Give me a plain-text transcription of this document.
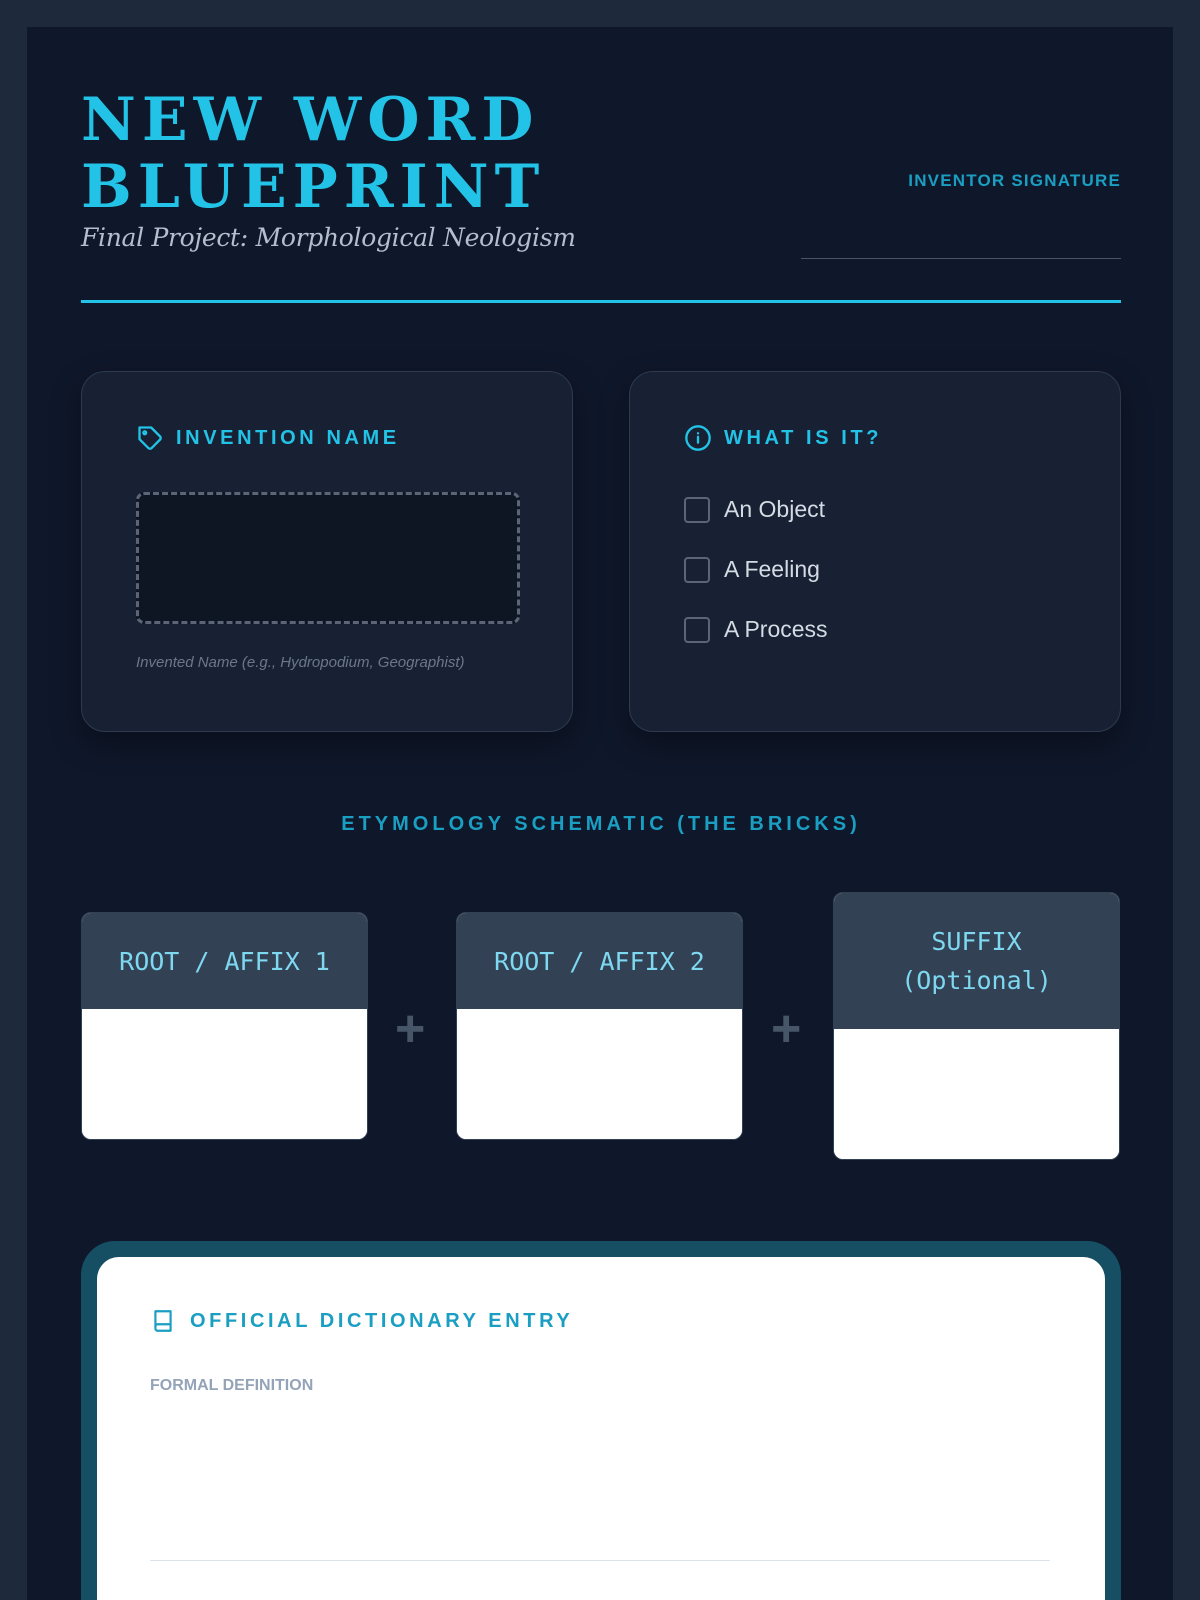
NEW WORD
BLUEPRINT
Final Project: Morphological Neologism
INVENTOR SIGNATURE
INVENTION NAME
Invented Name (e.g., Hydropodium, Geographist)
WHAT IS IT?
An Object
A Feeling
A Process
ETYMOLOGY SCHEMATIC (THE BRICKS)
ROOT / AFFIX 1
+
ROOT / AFFIX 2
+
SUFFIX (Optional)
OFFICIAL DICTIONARY ENTRY
FORMAL DEFINITION
